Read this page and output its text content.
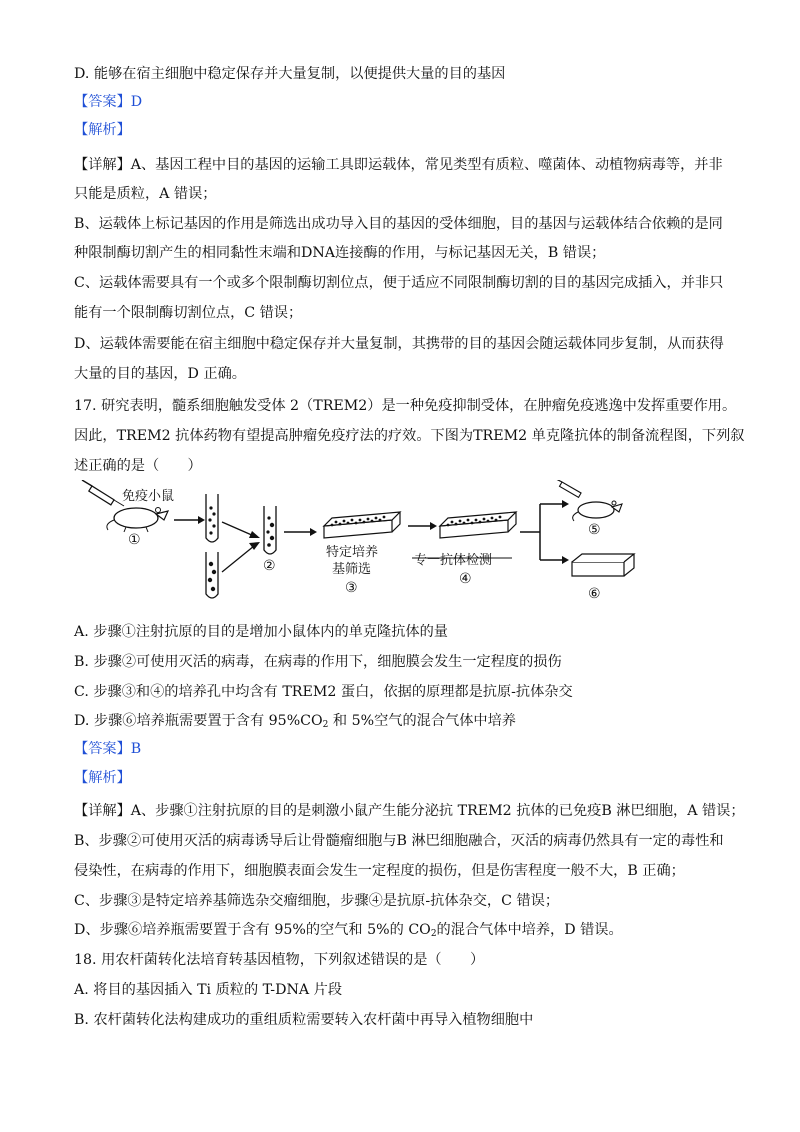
D. 能够在宿主细胞中稳定保存并大量复制，以便提供大量的目的基因
【答案】D
【解析】
【详解】A、基因工程中目的基因的运输工具即运载体，常见类型有质粒、噬菌体、动植物病毒等，并非
只能是质粒，A 错误；
B、运载体上标记基因的作用是筛选出成功导入目的基因的受体细胞，目的基因与运载体结合依赖的是同
种限制酶切割产生的相同黏性末端和DNA连接酶的作用，与标记基因无关，B 错误；
C、运载体需要具有一个或多个限制酶切割位点，便于适应不同限制酶切割的目的基因完成插入，并非只
能有一个限制酶切割位点，C 错误；
D、运载体需要能在宿主细胞中稳定保存并大量复制，其携带的目的基因会随运载体同步复制，从而获得
大量的目的基因，D 正确。
17. 研究表明，髓系细胞触发受体 2（TREM2）是一种免疫抑制受体，在肿瘤免疫逃逸中发挥重要作用。
因此，TREM2 抗体药物有望提高肿瘤免疫疗法的疗效。下图为TREM2 单克隆抗体的制备流程图，下列叙
述正确的是（　　）
免疫小鼠
①
②
特定培养
基筛选
③
专一抗体检测
④
⑤
⑥
A. 步骤①注射抗原的目的是增加小鼠体内的单克隆抗体的量
B. 步骤②可使用灭活的病毒，在病毒的作用下，细胞膜会发生一定程度的损伤
C. 步骤③和④的培养孔中均含有 TREM2 蛋白，依据的原理都是抗原-抗体杂交
D. 步骤⑥培养瓶需要置于含有 $95\%CO_2$ 和 5%空气的混合气体中培养
【答案】B
【解析】
【详解】A、步骤①注射抗原的目的是刺激小鼠产生能分泌抗 TREM2 抗体的已免疫B 淋巴细胞，A 错误；
B、步骤②可使用灭活的病毒诱导后让骨髓瘤细胞与B 淋巴细胞融合，灭活的病毒仍然具有一定的毒性和
侵染性，在病毒的作用下，细胞膜表面会发生一定程度的损伤，但是伤害程度一般不大，B 正确；
C、步骤③是特定培养基筛选杂交瘤细胞，步骤④是抗原-抗体杂交，C 错误；
D、步骤⑥培养瓶需要置于含有 95%的空气和 5%的 $CO_2$的混合气体中培养，D 错误。
18. 用农杆菌转化法培育转基因植物，下列叙述错误的是（　　）
A. 将目的基因插入 Ti 质粒的 T-DNA 片段
B. 农杆菌转化法构建成功的重组质粒需要转入农杆菌中再导入植物细胞中
